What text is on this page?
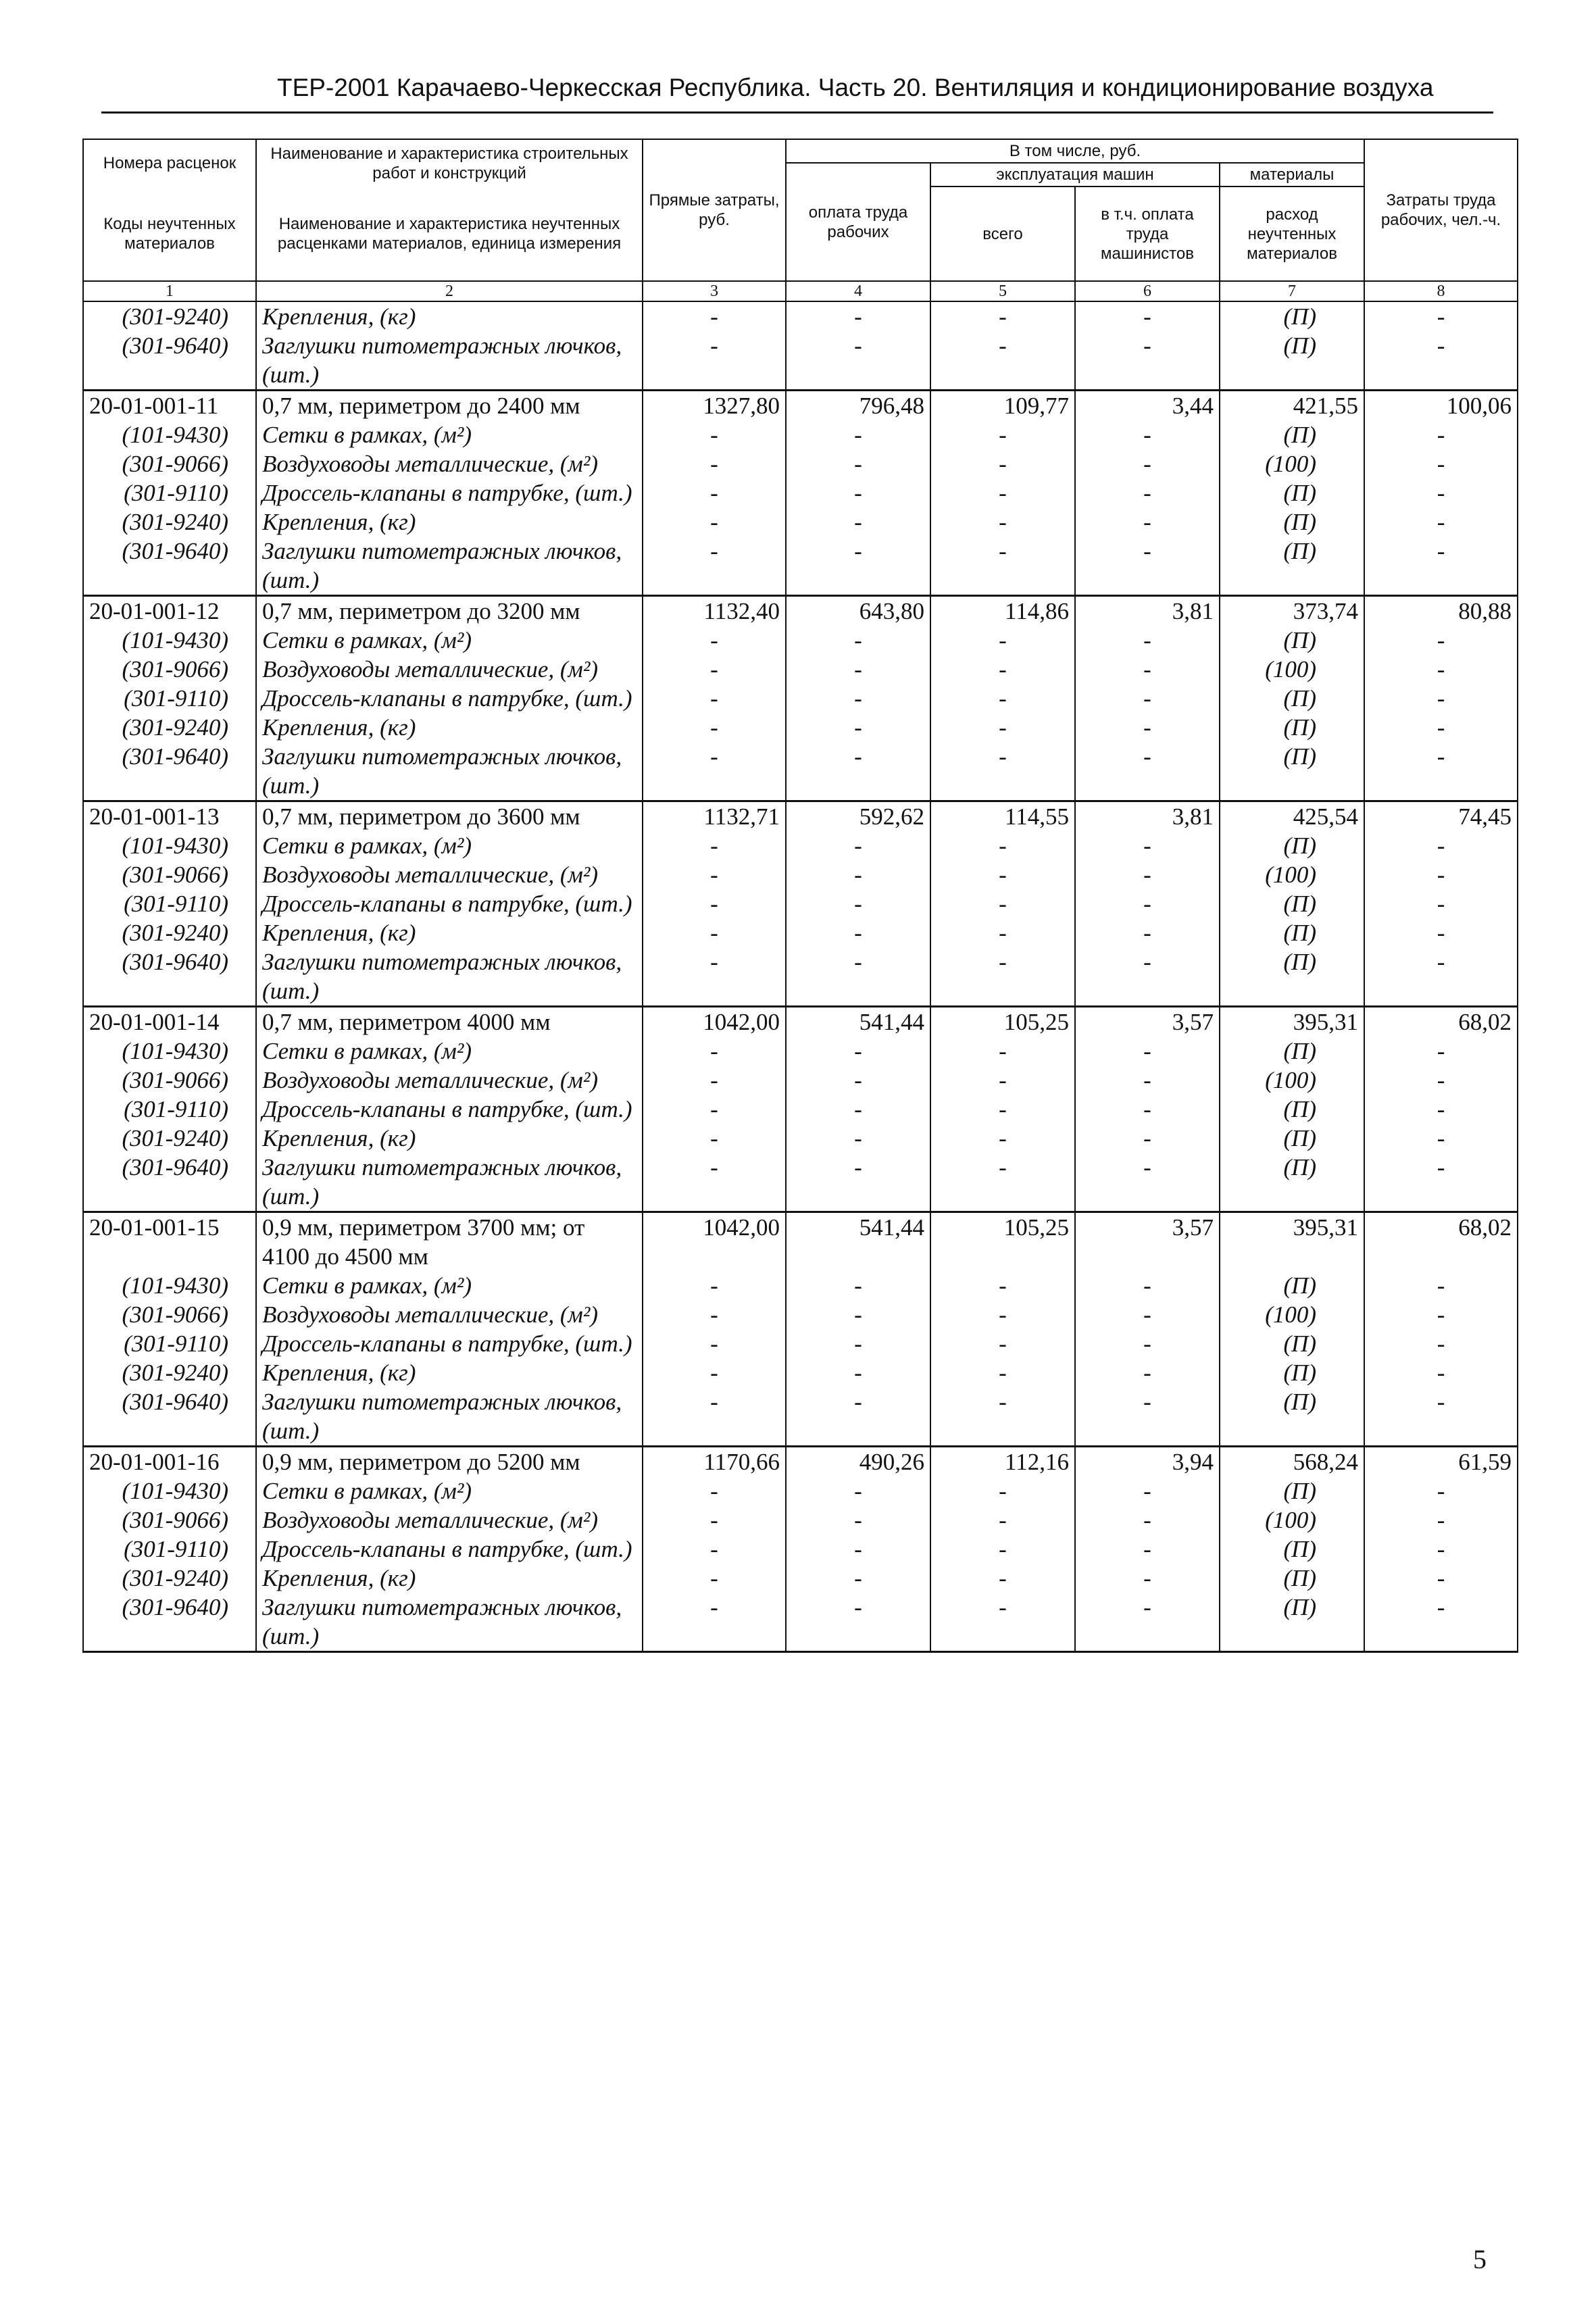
ТЕР-2001 Карачаево-Черкесская Республика. Часть 20. Вентиляция и кондиционирование воздуха
Номера расценок	Наименование и характеристика строительных работ и конструкций	Прямые затраты, руб.	В том числе, руб.				Затраты труда рабочих, чел.-ч.
			оплата труда рабочих	эксплуатация машин		материалы	
Коды неучтенных материалов	Наименование и характеристика неучтенных расценками материалов, единица измерения			всего	в т.ч. оплата труда машинистов	расход неучтенных материалов	

1	2	3	4	5	6	7	8
(301-9240)	Крепления, (кг)	-	-	-	-	(П)	-
(301-9640)	Заглушки питометражных лючков, (шт.)	-	-	-	-	(П)	-
20-01-001-11	0,7 мм, периметром до 2400 мм	1327,80	796,48	109,77	3,44	421,55	100,06
(101-9430)	Сетки в рамках, (м²)	-	-	-	-	(П)	-
(301-9066)	Воздуховоды металлические, (м²)	-	-	-	-	(100)	-
(301-9110)	Дроссель-клапаны в патрубке, (шт.)	-	-	-	-	(П)	-
(301-9240)	Крепления, (кг)	-	-	-	-	(П)	-
(301-9640)	Заглушки питометражных лючков, (шт.)	-	-	-	-	(П)	-
20-01-001-12	0,7 мм, периметром до 3200 мм	1132,40	643,80	114,86	3,81	373,74	80,88
(101-9430)	Сетки в рамках, (м²)	-	-	-	-	(П)	-
(301-9066)	Воздуховоды металлические, (м²)	-	-	-	-	(100)	-
(301-9110)	Дроссель-клапаны в патрубке, (шт.)	-	-	-	-	(П)	-
(301-9240)	Крепления, (кг)	-	-	-	-	(П)	-
(301-9640)	Заглушки питометражных лючков, (шт.)	-	-	-	-	(П)	-
20-01-001-13	0,7 мм, периметром до 3600 мм	1132,71	592,62	114,55	3,81	425,54	74,45
(101-9430)	Сетки в рамках, (м²)	-	-	-	-	(П)	-
(301-9066)	Воздуховоды металлические, (м²)	-	-	-	-	(100)	-
(301-9110)	Дроссель-клапаны в патрубке, (шт.)	-	-	-	-	(П)	-
(301-9240)	Крепления, (кг)	-	-	-	-	(П)	-
(301-9640)	Заглушки питометражных лючков, (шт.)	-	-	-	-	(П)	-
20-01-001-14	0,7 мм, периметром 4000 мм	1042,00	541,44	105,25	3,57	395,31	68,02
(101-9430)	Сетки в рамках, (м²)	-	-	-	-	(П)	-
(301-9066)	Воздуховоды металлические, (м²)	-	-	-	-	(100)	-
(301-9110)	Дроссель-клапаны в патрубке, (шт.)	-	-	-	-	(П)	-
(301-9240)	Крепления, (кг)	-	-	-	-	(П)	-
(301-9640)	Заглушки питометражных лючков, (шт.)	-	-	-	-	(П)	-
20-01-001-15	0,9 мм, периметром 3700 мм; от 4100 до 4500 мм	1042,00	541,44	105,25	3,57	395,31	68,02
(101-9430)	Сетки в рамках, (м²)	-	-	-	-	(П)	-
(301-9066)	Воздуховоды металлические, (м²)	-	-	-	-	(100)	-
(301-9110)	Дроссель-клапаны в патрубке, (шт.)	-	-	-	-	(П)	-
(301-9240)	Крепления, (кг)	-	-	-	-	(П)	-
(301-9640)	Заглушки питометражных лючков, (шт.)	-	-	-	-	(П)	-
20-01-001-16	0,9 мм, периметром до 5200 мм	1170,66	490,26	112,16	3,94	568,24	61,59
(101-9430)	Сетки в рамках, (м²)	-	-	-	-	(П)	-
(301-9066)	Воздуховоды металлические, (м²)	-	-	-	-	(100)	-
(301-9110)	Дроссель-клапаны в патрубке, (шт.)	-	-	-	-	(П)	-
(301-9240)	Крепления, (кг)	-	-	-	-	(П)	-
(301-9640)	Заглушки питометражных лючков, (шт.)	-	-	-	-	(П)	-
5
